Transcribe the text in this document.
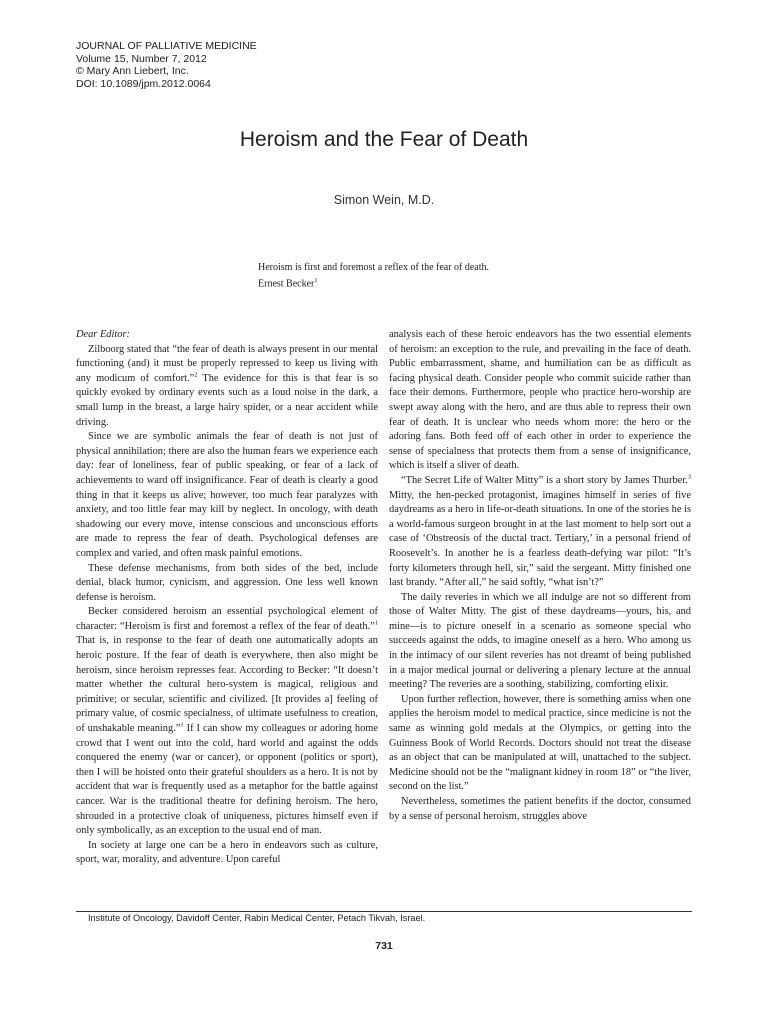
JOURNAL OF PALLIATIVE MEDICINE
Volume 15, Number 7, 2012
© Mary Ann Liebert, Inc.
DOI: 10.1089/jpm.2012.0064
Heroism and the Fear of Death
Simon Wein, M.D.
Heroism is first and foremost a reflex of the fear of death.
Ernest Becker$^1$
Dear Editor:

Zilboorg stated that “the fear of death is always present in our mental functioning (and) it must be properly repressed to keep us living with any modicum of comfort.”$^2$ The evidence for this is that fear is so quickly evoked by ordinary events such as a loud noise in the dark, a small lump in the breast, a large hairy spider, or a near accident while driving.

Since we are symbolic animals the fear of death is not just of physical annihilation; there are also the human fears we experience each day: fear of loneliness, fear of public speaking, or fear of a lack of achievements to ward off insignificance. Fear of death is clearly a good thing in that it keeps us alive; however, too much fear paralyzes with anxiety, and too little fear may kill by neglect. In oncology, with death shadowing our every move, intense conscious and unconscious efforts are made to repress the fear of death. Psychological defenses are complex and varied, and often mask painful emotions.

These defense mechanisms, from both sides of the bed, include denial, black humor, cynicism, and aggression. One less well known defense is heroism.

Becker considered heroism an essential psychological element of character: “Heroism is first and foremost a reflex of the fear of death.”$^1$ That is, in response to the fear of death one automatically adopts an heroic posture. If the fear of death is everywhere, then also might be heroism, since heroism represses fear. According to Becker: “It doesn’t matter whether the cultural hero-system is magical, religious and primitive; or secular, scientific and civilized. [It provides a] feeling of primary value, of cosmic specialness, of ultimate usefulness to creation, of unshakable meaning.”$^1$ If I can show my colleagues or adoring home crowd that I went out into the cold, hard world and against the odds conquered the enemy (war or cancer), or opponent (politics or sport), then I will be hoisted onto their grateful shoulders as a hero. It is not by accident that war is frequently used as a metaphor for the battle against cancer. War is the traditional theatre for defining heroism. The hero, shrouded in a protective cloak of uniqueness, pictures himself even if only symbolically, as an exception to the usual end of man.

In society at large one can be a hero in endeavors such as culture, sport, war, morality, and adventure. Upon careful

analysis each of these heroic endeavors has the two essential elements of heroism: an exception to the rule, and prevailing in the face of death. Public embarrassment, shame, and humiliation can be as difficult as facing physical death. Consider people who commit suicide rather than face their demons. Furthermore, people who practice hero-worship are swept away along with the hero, and are thus able to repress their own fear of death. It is unclear who needs whom more: the hero or the adoring fans. Both feed off of each other in order to experience the sense of specialness that protects them from a sense of insignificance, which is itself a sliver of death.

“The Secret Life of Walter Mitty” is a short story by James Thurber.$^3$ Mitty, the hen-pecked protagonist, imagines himself in series of five daydreams as a hero in life-or-death situations. In one of the stories he is a world-famous surgeon brought in at the last moment to help sort out a case of ‘Obstreosis of the ductal tract. Tertiary,’ in a personal friend of Roosevelt’s. In another he is a fearless death-defying war pilot: “It’s forty kilometers through hell, sir,” said the sergeant. Mitty finished one last brandy. “After all,” he said softly, “what isn’t?”

The daily reveries in which we all indulge are not so different from those of Walter Mitty. The gist of these daydreams—yours, his, and mine—is to picture oneself in a scenario as someone special who succeeds against the odds, to imagine oneself as a hero. Who among us in the intimacy of our silent reveries has not dreamt of being published in a major medical journal or delivering a plenary lecture at the annual meeting? The reveries are a soothing, stabilizing, comforting elixir.

Upon further reflection, however, there is something amiss when one applies the heroism model to medical practice, since medicine is not the same as winning gold medals at the Olympics, or getting into the Guinness Book of World Records. Doctors should not treat the disease as an object that can be manipulated at will, unattached to the subject. Medicine should not be the “malignant kidney in room 18” or “the liver, second on the list.”

Nevertheless, sometimes the patient benefits if the doctor, consumed by a sense of personal heroism, struggles above

Institute of Oncology, Davidoff Center, Rabin Medical Center, Petach Tikvah, Israel.
731
